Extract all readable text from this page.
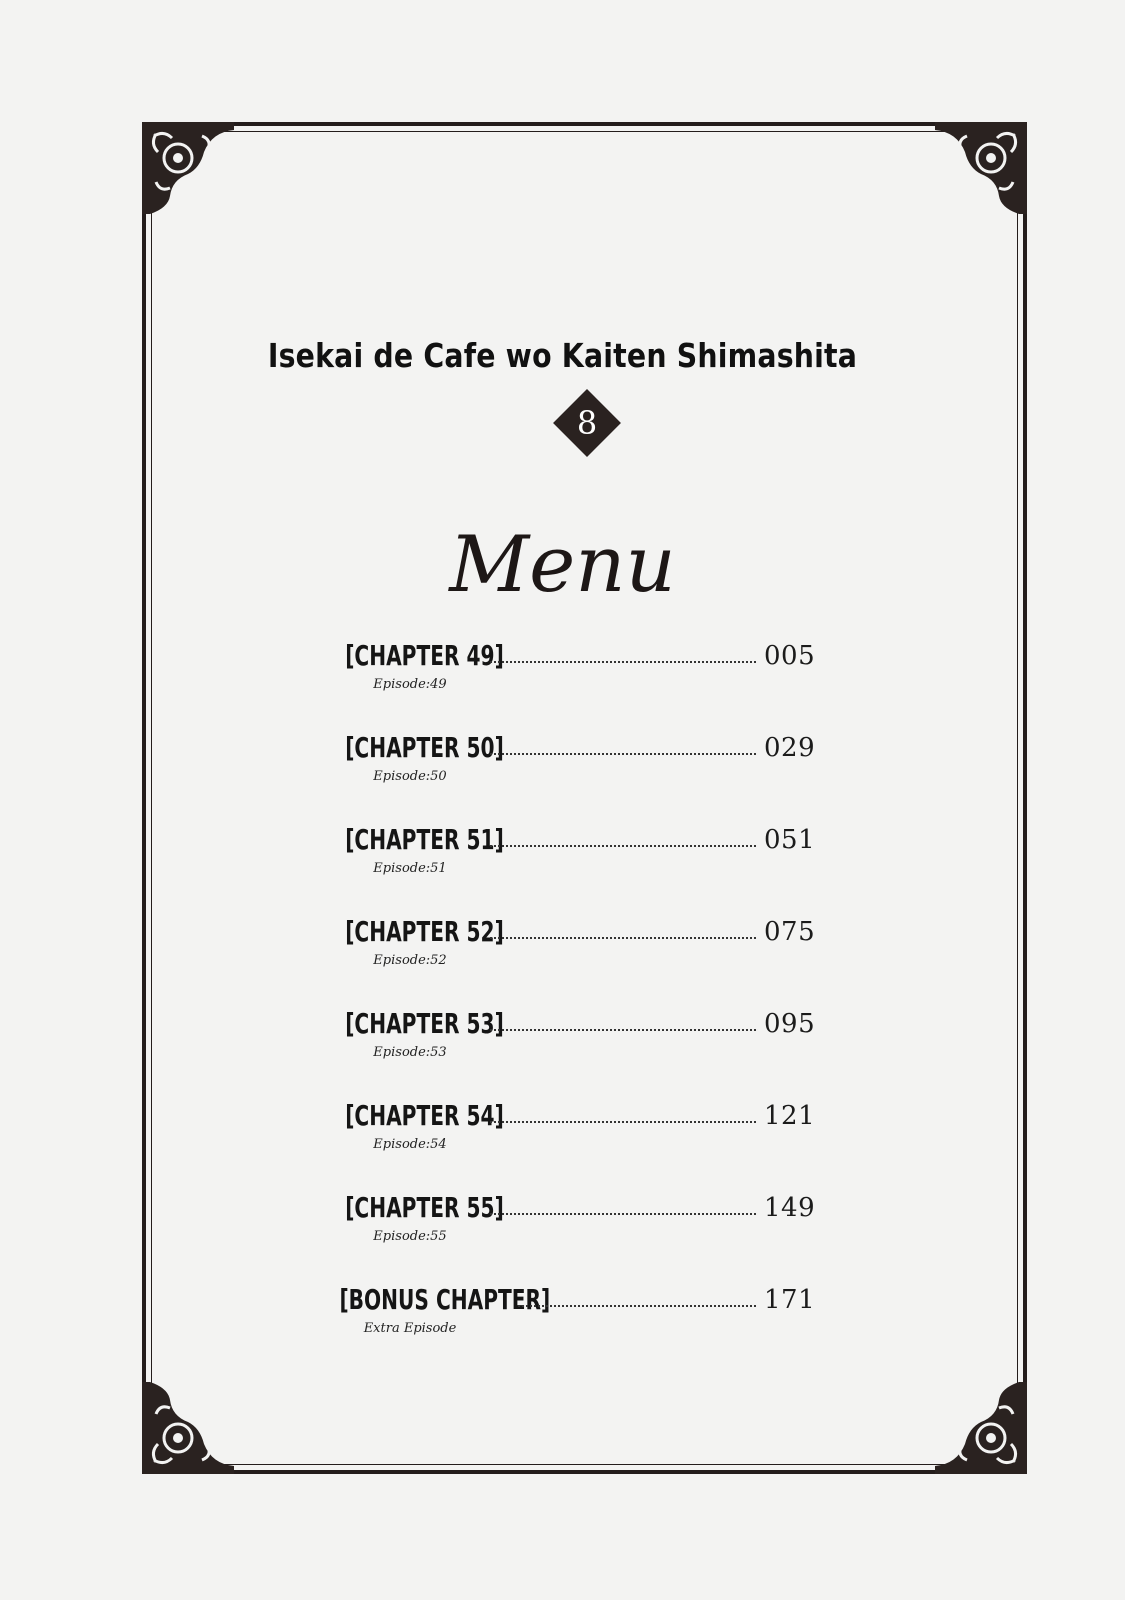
Isekai de Cafe wo Kaiten Shimashita
8
Menu
[CHAPTER 49]
Episode:49
005
[CHAPTER 50]
Episode:50
029
[CHAPTER 51]
Episode:51
051
[CHAPTER 52]
Episode:52
075
[CHAPTER 53]
Episode:53
095
[CHAPTER 54]
Episode:54
121
[CHAPTER 55]
Episode:55
149
[BONUS CHAPTER]
Extra Episode
171
